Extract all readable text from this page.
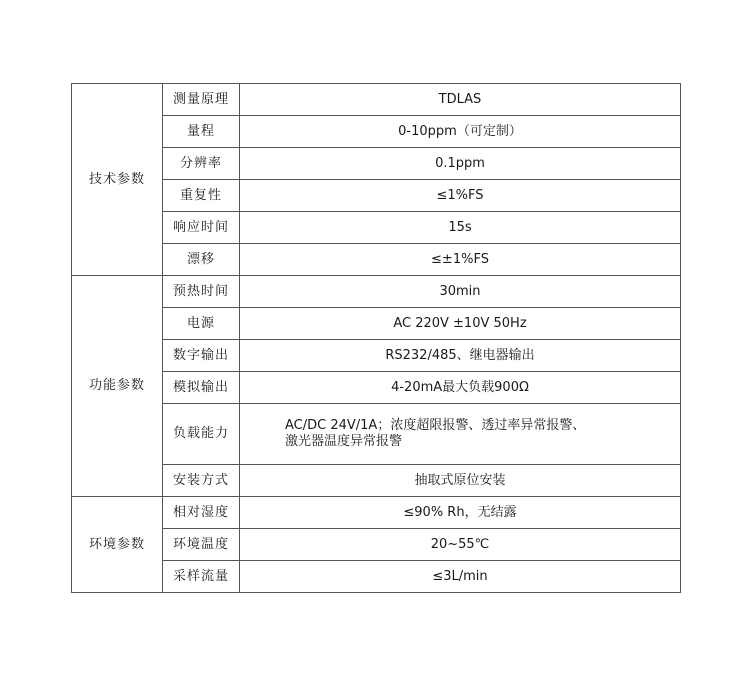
技术参数	测量原理	TDLAS
	量程	0-10ppm（可定制）
	分辨率	0.1ppm
	重复性	≤1%FS
	响应时间	15s
	漂移	≤±1%FS
功能参数	预热时间	30min
	电源	AC 220V ±10V 50Hz
	数字输出	RS232/485、继电器输出
	模拟输出	4-20mA最大负载900Ω
	负载能力	AC/DC 24V/1A；浓度超限报警、透过率异常报警、
激光器温度异常报警

	安装方式	抽取式原位安装
环境参数	相对湿度	≤90% Rh，无结露
	环境温度	20~55℃
	采样流量	≤3L/min
